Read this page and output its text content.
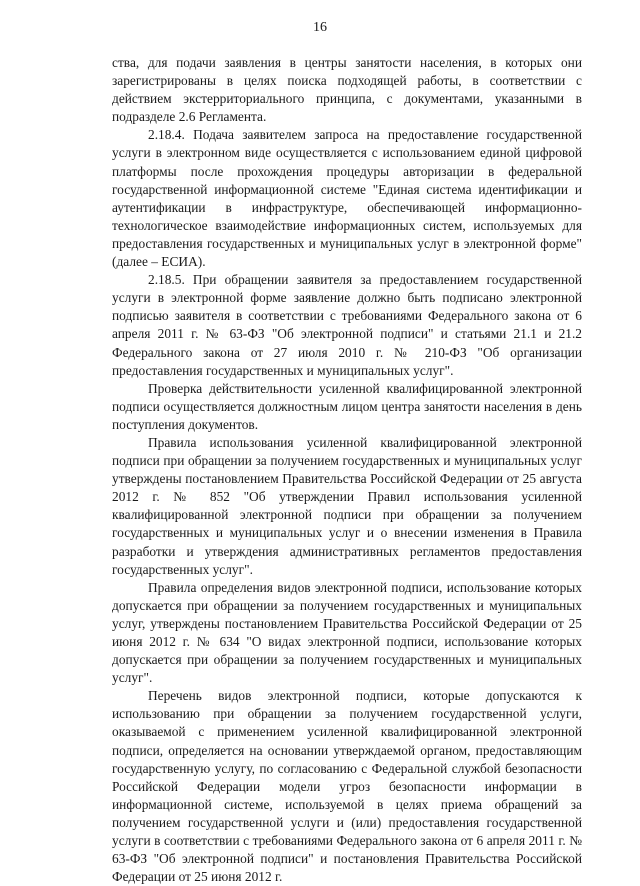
16

ства, для подачи заявления в центры занятости населения, в которых они зарегистрированы в целях поиска подходящей работы, в соответствии с действием экстерриториального принципа, с документами, указанными в подразделе 2.6 Регламента.

2.18.4. Подача заявителем запроса на предоставление государственной услуги в электронном виде осуществляется с использованием единой цифровой платформы после прохождения процедуры авторизации в федеральной государственной информационной системе "Единая система идентификации и аутентификации в инфраструктуре, обеспечивающей информационно-технологическое взаимодействие информационных систем, используемых для предоставления государственных и муниципальных услуг в электронной форме" (далее – ЕСИА).

2.18.5. При обращении заявителя за предоставлением государственной услуги в электронной форме заявление должно быть подписано электронной подписью заявителя в соответствии с требованиями Федерального закона от 6 апреля 2011 г. № 63-ФЗ "Об электронной подписи" и статьями 21.1 и 21.2 Федерального закона от 27 июля 2010 г. № 210-ФЗ "Об организации предоставления государственных и муниципальных услуг".

Проверка действительности усиленной квалифицированной электронной подписи осуществляется должностным лицом центра занятости населения в день поступления документов.

Правила использования усиленной квалифицированной электронной подписи при обращении за получением государственных и муниципальных услуг утверждены постановлением Правительства Российской Федерации от 25 августа 2012 г. № 852 "Об утверждении Правил использования усиленной квалифицированной электронной подписи при обращении за получением государственных и муниципальных услуг и о внесении изменения в Правила разработки и утверждения административных регламентов предоставления государственных услуг".

Правила определения видов электронной подписи, использование которых допускается при обращении за получением государственных и муниципальных услуг, утверждены постановлением Правительства Российской Федерации от 25 июня 2012 г. № 634 "О видах электронной подписи, использование которых допускается при обращении за получением государственных и муниципальных услуг".

Перечень видов электронной подписи, которые допускаются к использованию при обращении за получением государственной услуги, оказываемой с применением усиленной квалифицированной электронной подписи, определяется на основании утверждаемой органом, предоставляющим государственную услугу, по согласованию с Федеральной службой безопасности Российской Федерации модели угроз безопасности информации в информационной системе, используемой в целях приема обращений за получением государственной услуги и (или) предоставления государственной услуги в соответствии с требованиями Федерального закона от 6 апреля 2011 г. № 63-ФЗ "Об электронной подписи" и постановления Правительства Российской Федерации от 25 июня 2012 г.
